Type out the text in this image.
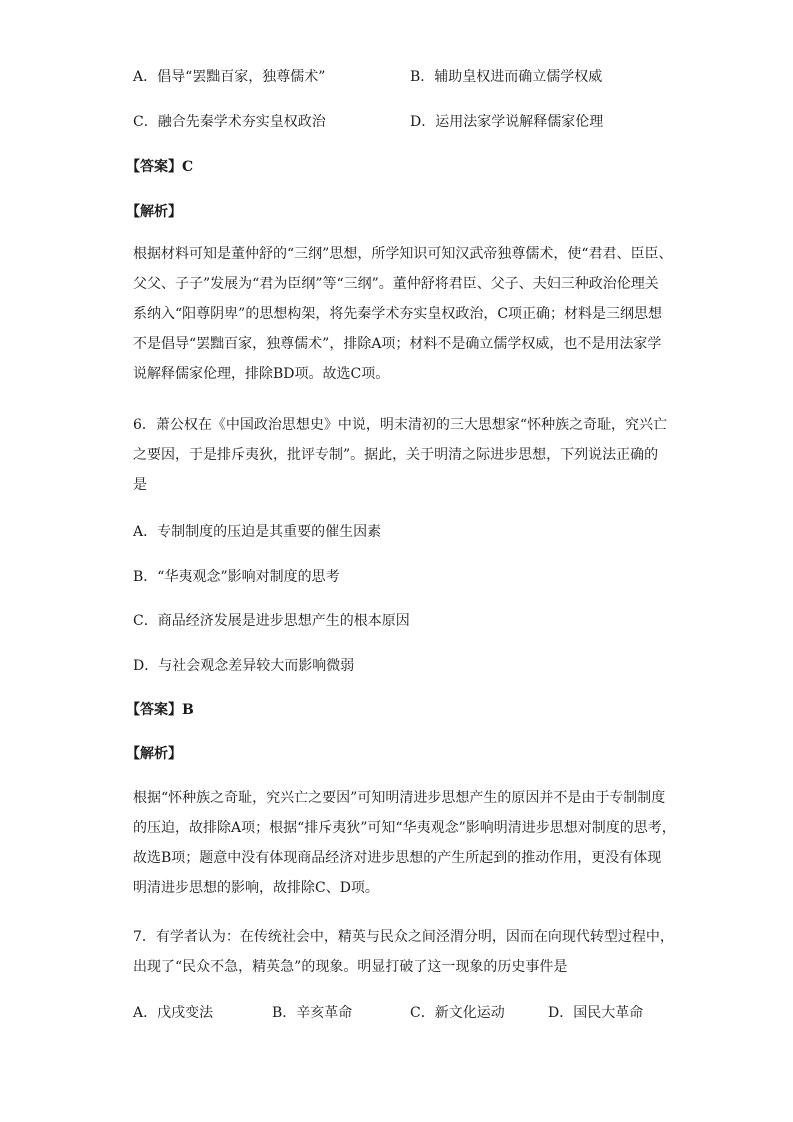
A．倡导“罢黜百家，独尊儒术”	B．辅助皇权进而确立儒学权威
C．融合先秦学术夯实皇权政治	D．运用法家学说解释儒家伦理
【答案】C
【解析】
根据材料可知是董仲舒的“三纲”思想，所学知识可知汉武帝独尊儒术，使“君君、臣臣、
父父、子子”发展为“君为臣纲”等“三纲”。董仲舒将君臣、父子、夫妇三种政治伦理关
系纳入“阳尊阴卑”的思想构架，将先秦学术夯实皇权政治，C项正确；材料是三纲思想
不是倡导“罢黜百家，独尊儒术”，排除A项；材料不是确立儒学权威，也不是用法家学
说解释儒家伦理，排除BD项。故选C项。
6．萧公权在《中国政治思想史》中说，明末清初的三大思想家“怀种族之奇耻，究兴亡
之要因，于是排斥夷狄，批评专制”。据此，关于明清之际进步思想，下列说法正确的
是
A．专制制度的压迫是其重要的催生因素
B．“华夷观念”影响对制度的思考
C．商品经济发展是进步思想产生的根本原因
D．与社会观念差异较大而影响微弱
【答案】B
【解析】
根据“怀种族之奇耻，究兴亡之要因”可知明清进步思想产生的原因并不是由于专制制度
的压迫，故排除A项；根据“排斥夷狄”可知“华夷观念”影响明清进步思想对制度的思考，
故选B项；题意中没有体现商品经济对进步思想的产生所起到的推动作用，更没有体现
明清进步思想的影响，故排除C、D项。
7．有学者认为：在传统社会中，精英与民众之间泾渭分明，因而在向现代转型过程中，
出现了“民众不急，精英急”的现象。明显打破了这一现象的历史事件是
A．戊戌变法	B．辛亥革命	C．新文化运动	D．国民大革命
